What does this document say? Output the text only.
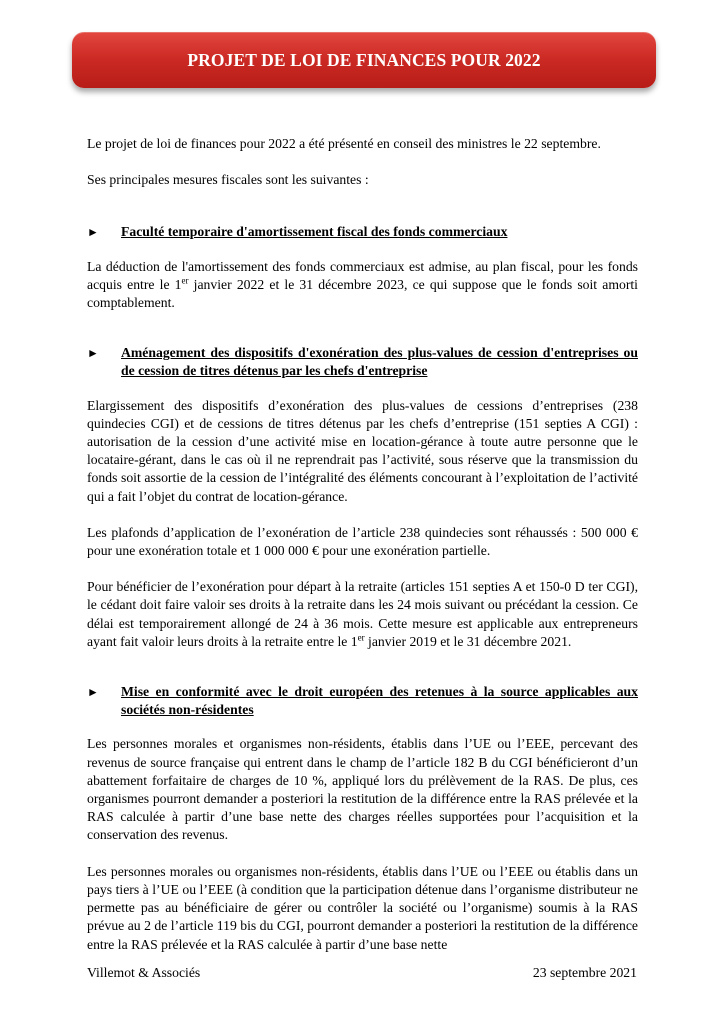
PROJET DE LOI DE FINANCES POUR 2022

Le projet de loi de finances pour 2022 a été présenté en conseil des ministres le 22 septembre.

Ses principales mesures fiscales sont les suivantes :

►	Faculté temporaire d'amortissement fiscal des fonds commerciaux

La déduction de l'amortissement des fonds commerciaux est admise, au plan fiscal, pour les fonds acquis entre le 1er janvier 2022 et le 31 décembre 2023, ce qui suppose que le fonds soit amorti comptablement.

►	Aménagement des dispositifs d'exonération des plus-values de cession d'entreprises ou de cession de titres détenus par les chefs d'entreprise

Elargissement des dispositifs d’exonération des plus-values de cessions d’entreprises (238 quindecies CGI) et de cessions de titres détenus par les chefs d’entreprise (151 septies A CGI) : autorisation de la cession d’une activité mise en location-gérance à toute autre personne que le locataire-gérant, dans le cas où il ne reprendrait pas l’activité, sous réserve que la transmission du fonds soit assortie de la cession de l’intégralité des éléments concourant à l’exploitation de l’activité qui a fait l’objet du contrat de location-gérance.

Les plafonds d’application de l’exonération de l’article 238 quindecies sont réhaussés : 500 000 € pour une exonération totale et 1 000 000 € pour une exonération partielle.

Pour bénéficier de l’exonération pour départ à la retraite (articles 151 septies A et 150-0 D ter CGI), le cédant doit faire valoir ses droits à la retraite dans les 24 mois suivant ou précédant la cession. Ce délai est temporairement allongé de 24 à 36 mois. Cette mesure est applicable aux entrepreneurs ayant fait valoir leurs droits à la retraite entre le 1er janvier 2019 et le 31 décembre 2021.

►	Mise en conformité avec le droit européen des retenues à la source applicables aux sociétés non-résidentes

Les personnes morales et organismes non-résidents, établis dans l’UE ou l’EEE, percevant des revenus de source française qui entrent dans le champ de l’article 182 B du CGI bénéficieront d’un abattement forfaitaire de charges de 10 %, appliqué lors du prélèvement de la RAS. De plus, ces organismes pourront demander a posteriori la restitution de la différence entre la RAS prélevée et la RAS calculée à partir d’une base nette des charges réelles supportées pour l’acquisition et la conservation des revenus.

Les personnes morales ou organismes non-résidents, établis dans l’UE ou l’EEE ou établis dans un pays tiers à l’UE ou l’EEE (à condition que la participation détenue dans l’organisme distributeur ne permette pas au bénéficiaire de gérer ou contrôler la société ou l’organisme) soumis à la RAS prévue au 2 de l’article 119 bis du CGI, pourront demander a posteriori la restitution de la différence entre la RAS prélevée et la RAS calculée à partir d’une base nette

Villemot & Associés	23 septembre 2021
